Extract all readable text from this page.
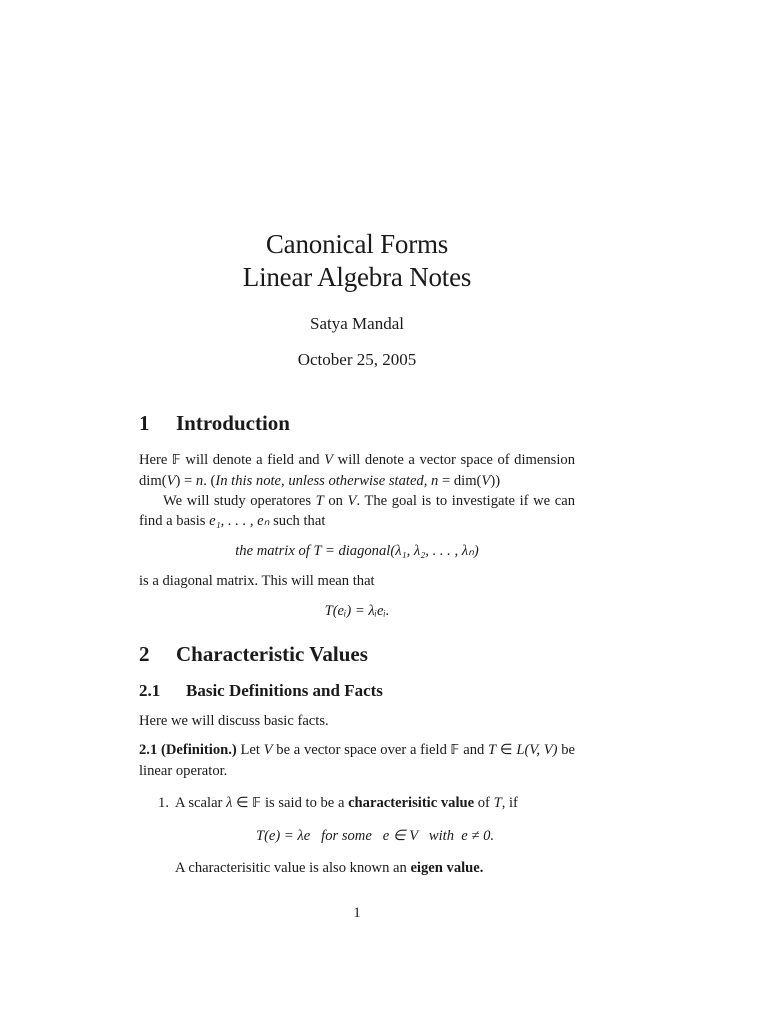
Canonical Forms
Linear Algebra Notes
Satya Mandal
October 25, 2005
1	Introduction

Here 𝔽 will denote a field and V will denote a vector space of dimension dim(V) = n. (In this note, unless otherwise stated, n = dim(V))

We will study operatores T on V. The goal is to investigate if we can find a basis e₁, . . . , eₙ such that

the matrix of T = diagonal(λ₁, λ₂, . . . , λₙ)

is a diagonal matrix. This will mean that

T(eᵢ) = λᵢeᵢ.
2	Characteristic Values
2.1	Basic Definitions and Facts

Here we will discuss basic facts.

2.1 (Definition.) Let V be a vector space over a field 𝔽 and T ∈ L(V, V) be linear operator.

1. A scalar λ ∈ 𝔽 is said to be a characterisitic value of T, if

T(e) = λe   for some   e ∈ V   with  e ≠ 0.

A characterisitic value is also known an eigen value.

1
